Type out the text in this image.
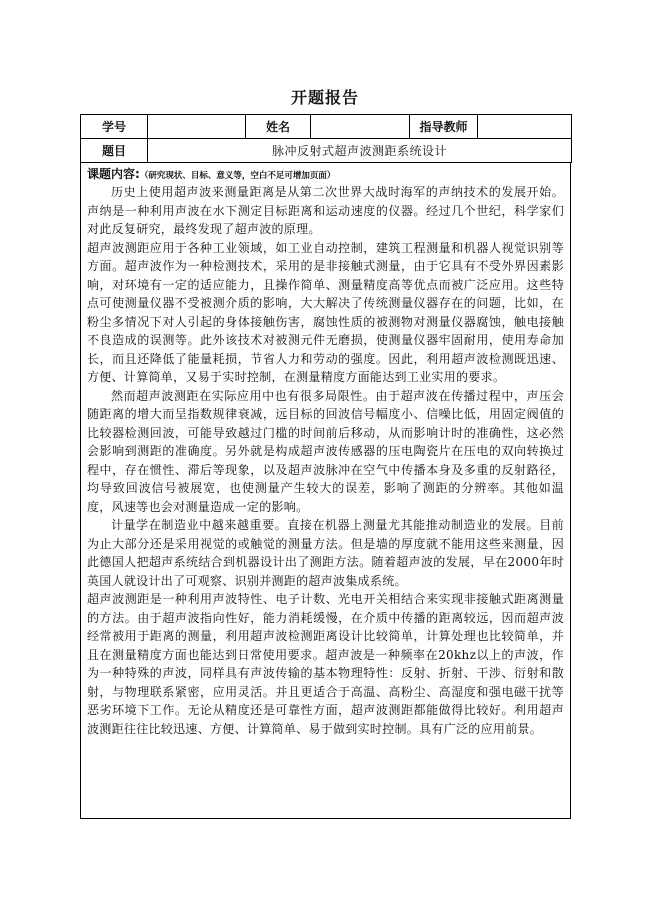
开题报告
学号		姓名		指导教师	
题目	脉冲反射式超声波测距系统设计				
课题内容:（研究现状、目标、意义等，空白不足可增加页面）

历史上使用超声波来测量距离是从第二次世界大战时海军的声纳技术的发展开始。声纳是一种利用声波在水下测定目标距离和运动速度的仪器。经过几个世纪，科学家们对此反复研究，最终发现了超声波的原理。

超声波测距应用于各种工业领域，如工业自动控制，建筑工程测量和机器人视觉识别等方面。超声波作为一种检测技术，采用的是非接触式测量，由于它具有不受外界因素影响，对环境有一定的适应能力，且操作简单、测量精度高等优点而被广泛应用。这些特点可使测量仪器不受被测介质的影响，大大解决了传统测量仪器存在的问题，比如，在粉尘多情况下对人引起的身体接触伤害，腐蚀性质的被测物对测量仪器腐蚀，触电接触不良造成的误测等。此外该技术对被测元件无磨损，使测量仪器牢固耐用，使用寿命加长，而且还降低了能量耗损，节省人力和劳动的强度。因此，利用超声波检测既迅速、方便、计算简单，又易于实时控制，在测量精度方面能达到工业实用的要求。

然而超声波测距在实际应用中也有很多局限性。由于超声波在传播过程中，声压会随距离的增大而呈指数规律衰减，远目标的回波信号幅度小、信噪比低，用固定阀值的比较器检测回波，可能导致越过门槛的时间前后移动，从而影响计时的准确性，这必然会影响到测距的准确度。另外就是构成超声波传感器的压电陶瓷片在压电的双向转换过程中，存在惯性、滞后等现象，以及超声波脉冲在空气中传播本身及多重的反射路径，均导致回波信号被展宽，也使测量产生较大的误差，影响了测距的分辨率。其他如温度，风速等也会对测量造成一定的影响。

计量学在制造业中越来越重要。直接在机器上测量尤其能推动制造业的发展。目前为止大部分还是采用视觉的或触觉的测量方法。但是墙的厚度就不能用这些来测量，因此德国人把超声系统结合到机器设计出了测距方法。随着超声波的发展，早在2000年时英国人就设计出了可观察、识别并测距的超声波集成系统。

超声波测距是一种利用声波特性、电子计数、光电开关相结合来实现非接触式距离测量的方法。由于超声波指向性好，能力消耗缓慢，在介质中传播的距离较远，因而超声波经常被用于距离的测量，利用超声波检测距离设计比较简单，计算处理也比较简单，并且在测量精度方面也能达到日常使用要求。超声波是一种频率在20khz以上的声波，作为一种特殊的声波，同样具有声波传输的基本物理特性：反射、折射、干涉、衍射和散射，与物理联系紧密，应用灵活。并且更适合于高温、高粉尘、高湿度和强电磁干扰等恶劣环境下工作。无论从精度还是可靠性方面，超声波测距都能做得比较好。利用超声波测距往往比较迅速、方便、计算简单、易于做到实时控制。具有广泛的应用前景。
